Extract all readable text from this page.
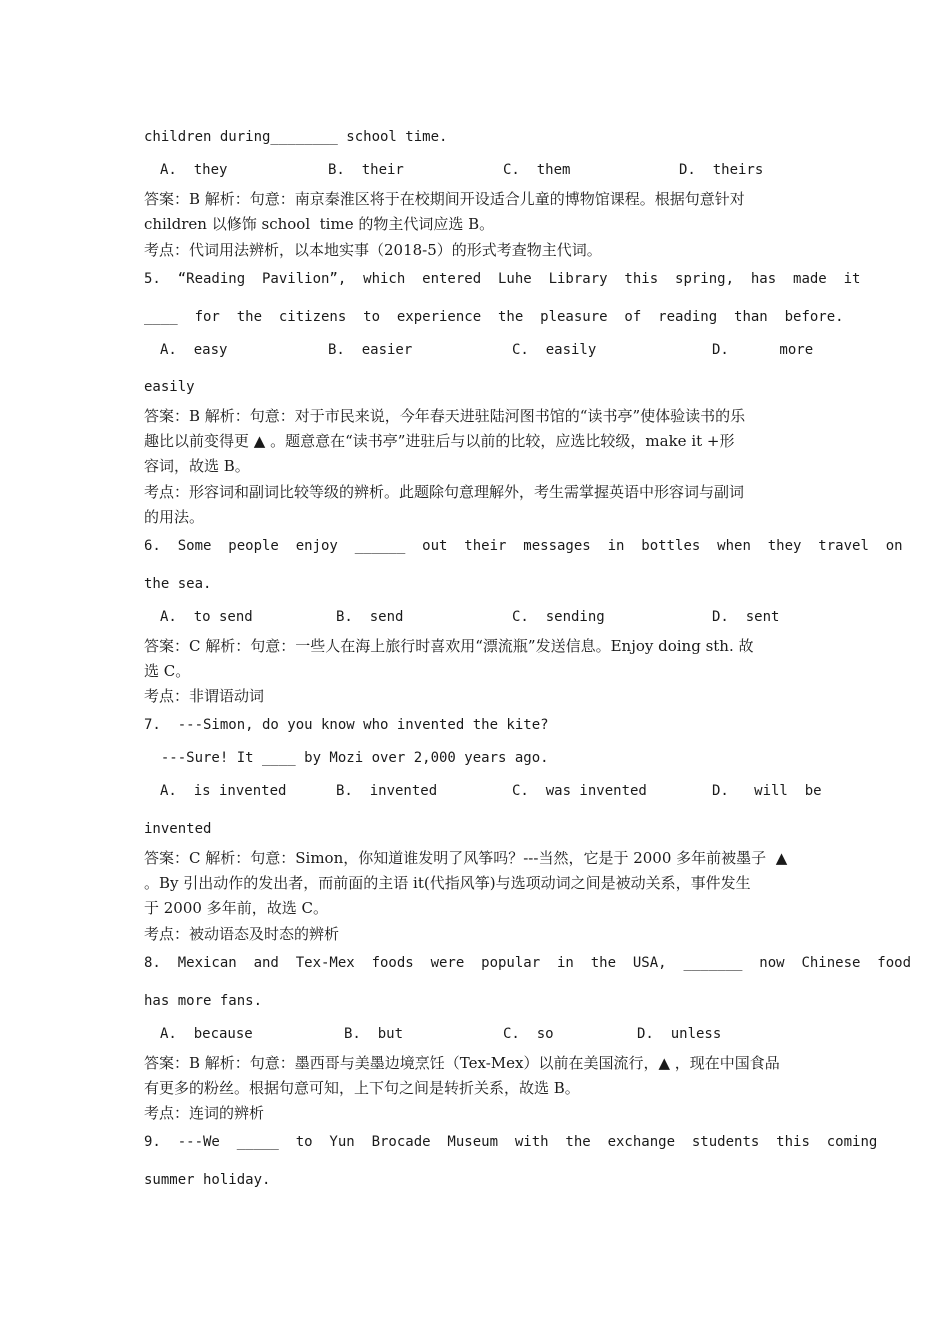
children during________ school time.
A.  they	B.  their	C.  them	D.  theirs
答案：B 解析：句意：南京秦淮区将于在校期间开设适合儿童的博物馆课程。根据句意针对
children 以修饰 school  time 的物主代词应选 B。
考点：代词用法辨析，以本地实事（2018-5）的形式考查物主代词。
5.  “Reading  Pavilion”,  which  entered  Luhe  Library  this  spring,  has  made  it
____  for  the  citizens  to  experience  the  pleasure  of  reading  than  before.
A.  easy	B.  easier	C.  easily	D.      more
easily
答案：B 解析：句意：对于市民来说，今年春天进驻陆河图书馆的“读书亭”使体验读书的乐
趣比以前变得更 ▲ 。题意意在“读书亭”进驻后与以前的比较，应选比较级，make it +形
容词，故选 B。
考点：形容词和副词比较等级的辨析。此题除句意理解外，考生需掌握英语中形容词与副词
的用法。
6.  Some  people  enjoy  ______  out  their  messages  in  bottles  when  they  travel  on
the sea.
A.  to send	B.  send	C.  sending	D.  sent
答案：C 解析：句意：一些人在海上旅行时喜欢用“漂流瓶”发送信息。Enjoy doing sth. 故
选 C。
考点：非谓语动词
7.  ---Simon, do you know who invented the kite?
---Sure! It ____ by Mozi over 2,000 years ago.
A.  is invented	B.  invented	C.  was invented	D.   will  be
invented
答案：C 解析：句意：Simon，你知道谁发明了风筝吗？---当然，它是于 2000 多年前被墨子  ▲
。By 引出动作的发出者，而前面的主语 it(代指风筝)与选项动词之间是被动关系，事件发生
于 2000 多年前，故选 C。
考点：被动语态及时态的辨析
8.  Mexican  and  Tex-Mex  foods  were  popular  in  the  USA,  _______  now  Chinese  food
has more fans.
A.  because	B.  but	C.  so	D.  unless
答案：B 解析：句意：墨西哥与美墨边境烹饪（Tex-Mex）以前在美国流行，▲ ，现在中国食品
有更多的粉丝。根据句意可知，上下句之间是转折关系，故选 B。
考点：连词的辨析
9.  ---We  _____  to  Yun  Brocade  Museum  with  the  exchange  students  this  coming
summer holiday.
